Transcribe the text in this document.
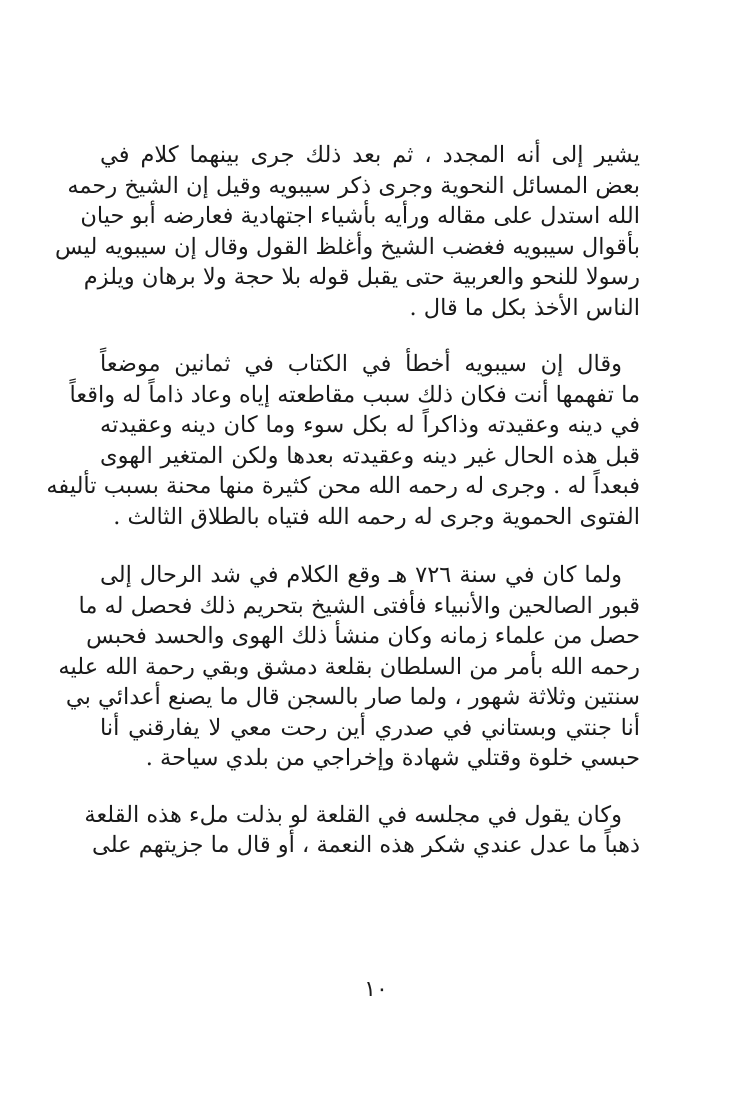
يشير إلى أنه المجدد ، ثم بعد ذلك جرى بينهما كلام في
بعض المسائل النحوية وجرى ذكر سيبويه وقيل إن الشيخ رحمه
الله استدل على مقاله ورأيه بأشياء اجتهادية فعارضه أبو حيان
بأقوال سيبويه فغضب الشيخ وأغلظ القول وقال إن سيبويه ليس
رسولا للنحو والعربية حتى يقبل قوله بلا حجة ولا برهان ويلزم
الناس الأخذ بكل ما قال .
وقال إن سيبويه أخطأ في الكتاب في ثمانين موضعاً
ما تفهمها أنت فكان ذلك سبب مقاطعته إياه وعاد ذاماً له واقعاً
في دينه وعقيدته وذاكراً له بكل سوء وما كان دينه وعقيدته
قبل هذه الحال غير دينه وعقيدته بعدها ولكن المتغير الهوى
فبعداً له . وجرى له رحمه الله محن كثيرة منها محنة بسبب تأليفه
الفتوى الحموية وجرى له رحمه الله فتياه بالطلاق الثالث .
ولما كان في سنة ٧٢٦ هـ وقع الكلام في شد الرحال إلى
قبور الصالحين والأنبياء فأفتى الشيخ بتحريم ذلك فحصل له ما
حصل من علماء زمانه وكان منشأ ذلك الهوى والحسد فحبس
رحمه الله بأمر من السلطان بقلعة دمشق وبقي رحمة الله عليه
سنتين وثلاثة شهور ، ولما صار بالسجن قال ما يصنع أعدائي بي
أنا جنتي وبستاني في صدري أين رحت معي لا يفارقني أنا
حبسي خلوة وقتلي شهادة وإخراجي من بلدي سياحة .
وكان يقول في مجلسه في القلعة لو بذلت ملء هذه القلعة
ذهباً ما عدل عندي شكر هذه النعمة ، أو قال ما جزيتهم على
١٠
